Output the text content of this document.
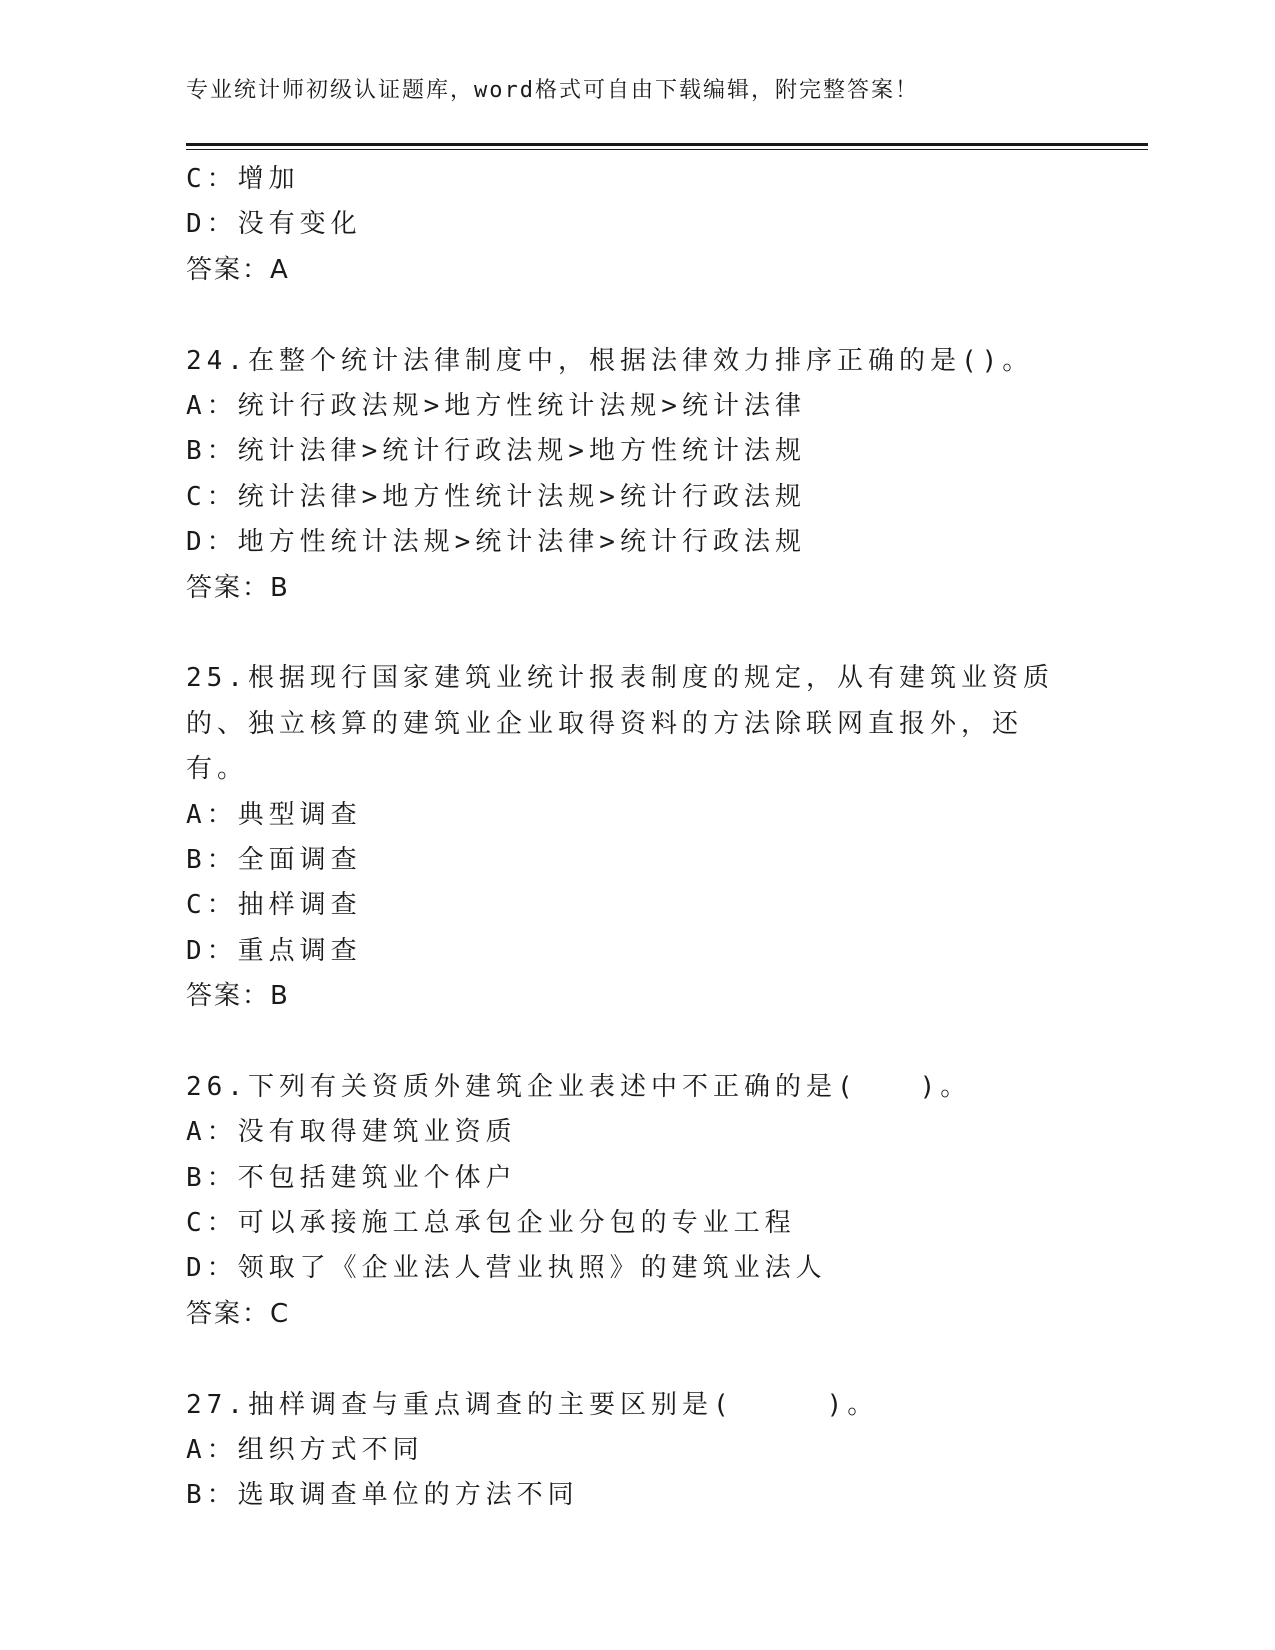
专业统计师初级认证题库，word格式可自由下载编辑，附完整答案！
C：增加
D：没有变化
答案：A
24.在整个统计法律制度中，根据法律效力排序正确的是()。
A：统计行政法规>地方性统计法规>统计法律
B：统计法律>统计行政法规>地方性统计法规
C：统计法律>地方性统计法规>统计行政法规
D：地方性统计法规>统计法律>统计行政法规
答案：B
25.根据现行国家建筑业统计报表制度的规定，从有建筑业资质的、独立核算的建筑业企业取得资料的方法除联网直报外，还有。
A：典型调查
B：全面调查
C：抽样调查
D：重点调查
答案：B
26.下列有关资质外建筑企业表述中不正确的是(　　)。
A：没有取得建筑业资质
B：不包括建筑业个体户
C：可以承接施工总承包企业分包的专业工程
D：领取了《企业法人营业执照》的建筑业法人
答案：C
27.抽样调查与重点调查的主要区别是(　　　)。
A：组织方式不同
B：选取调查单位的方法不同
